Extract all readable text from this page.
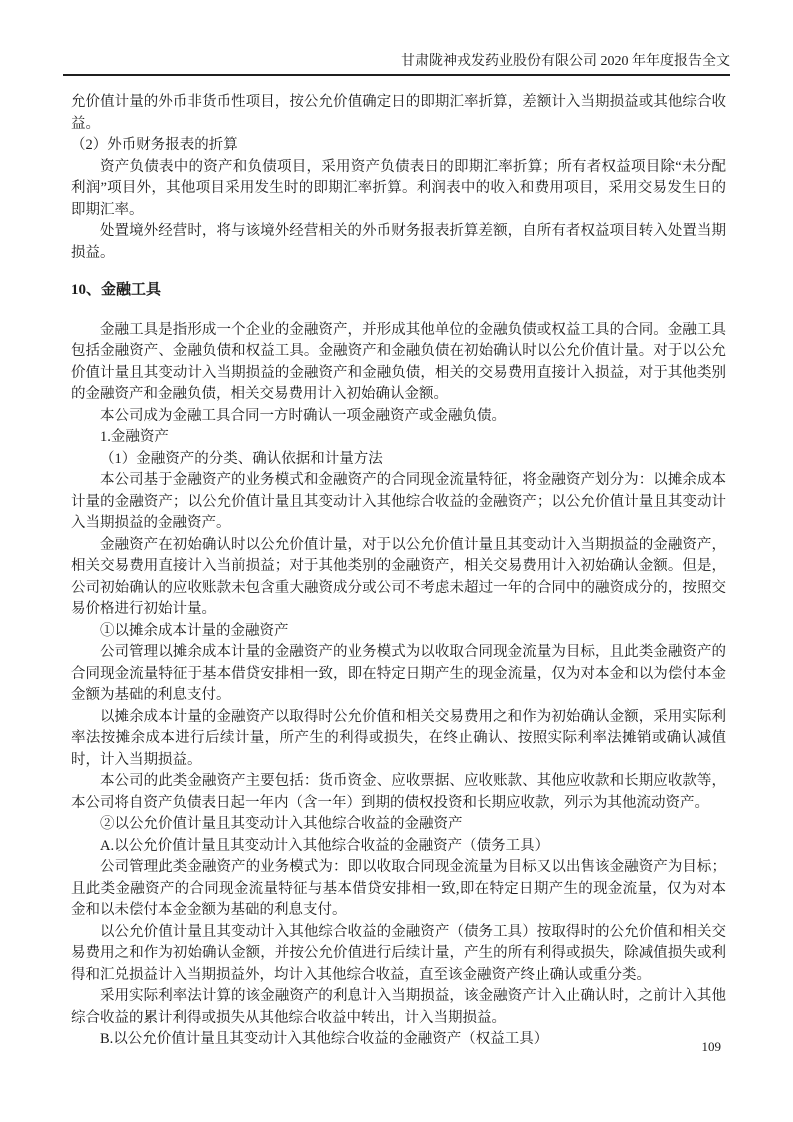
甘肃陇神戎发药业股份有限公司 2020 年年度报告全文

允价值计量的外币非货币性项目，按公允价值确定日的即期汇率折算，差额计入当期损益或其他综合收益。

（2）外币财务报表的折算

资产负债表中的资产和负债项目，采用资产负债表日的即期汇率折算；所有者权益项目除“未分配利润”项目外，其他项目采用发生时的即期汇率折算。利润表中的收入和费用项目，采用交易发生日的即期汇率。

处置境外经营时，将与该境外经营相关的外币财务报表折算差额，自所有者权益项目转入处置当期损益。

10、金融工具

金融工具是指形成一个企业的金融资产，并形成其他单位的金融负债或权益工具的合同。金融工具包括金融资产、金融负债和权益工具。金融资产和金融负债在初始确认时以公允价值计量。对于以公允价值计量且其变动计入当期损益的金融资产和金融负债，相关的交易费用直接计入损益，对于其他类别的金融资产和金融负债，相关交易费用计入初始确认金额。

本公司成为金融工具合同一方时确认一项金融资产或金融负债。

1.金融资产

（1）金融资产的分类、确认依据和计量方法

本公司基于金融资产的业务模式和金融资产的合同现金流量特征，将金融资产划分为：以摊余成本计量的金融资产；以公允价值计量且其变动计入其他综合收益的金融资产；以公允价值计量且其变动计入当期损益的金融资产。

金融资产在初始确认时以公允价值计量，对于以公允价值计量且其变动计入当期损益的金融资产，相关交易费用直接计入当前损益；对于其他类别的金融资产，相关交易费用计入初始确认金额。但是，公司初始确认的应收账款未包含重大融资成分或公司不考虑未超过一年的合同中的融资成分的，按照交易价格进行初始计量。

①以摊余成本计量的金融资产

公司管理以摊余成本计量的金融资产的业务模式为以收取合同现金流量为目标，且此类金融资产的合同现金流量特征于基本借贷安排相一致，即在特定日期产生的现金流量，仅为对本金和以为偿付本金金额为基础的利息支付。

以摊余成本计量的金融资产以取得时公允价值和相关交易费用之和作为初始确认金额，采用实际利率法按摊余成本进行后续计量，所产生的利得或损失，在终止确认、按照实际利率法摊销或确认减值时，计入当期损益。

本公司的此类金融资产主要包括：货币资金、应收票据、应收账款、其他应收款和长期应收款等，本公司将自资产负债表日起一年内（含一年）到期的债权投资和长期应收款，列示为其他流动资产。

②以公允价值计量且其变动计入其他综合收益的金融资产

A.以公允价值计量且其变动计入其他综合收益的金融资产（债务工具）

公司管理此类金融资产的业务模式为：即以收取合同现金流量为目标又以出售该金融资产为目标；且此类金融资产的合同现金流量特征与基本借贷安排相一致,即在特定日期产生的现金流量，仅为对本金和以未偿付本金金额为基础的利息支付。

以公允价值计量且其变动计入其他综合收益的金融资产（债务工具）按取得时的公允价值和相关交易费用之和作为初始确认金额，并按公允价值进行后续计量，产生的所有利得或损失，除减值损失或利得和汇兑损益计入当期损益外，均计入其他综合收益，直至该金融资产终止确认或重分类。

采用实际利率法计算的该金融资产的利息计入当期损益，该金融资产计入止确认时，之前计入其他综合收益的累计利得或损失从其他综合收益中转出，计入当期损益。

B.以公允价值计量且其变动计入其他综合收益的金融资产（权益工具）	109
